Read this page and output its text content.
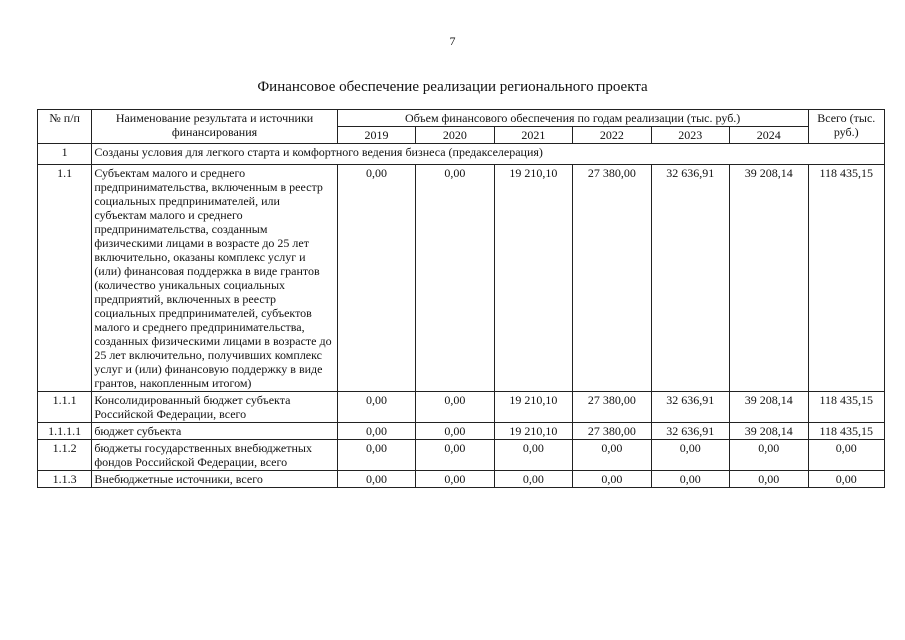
7
Финансовое обеспечение реализации регионального проекта
№ п/п	Наименование результата и источники финансирования	Объем финансового обеспечения по годам реализации (тыс. руб.)						Всего (тыс. руб.)
		2019	2020	2021	2022	2023	2024	
1	Созданы условия для легкого старта и комфортного ведения бизнеса (предакселерация)							
1.1	Субъектам малого и среднего предпринимательства, включенным в реестр социальных предпринимателей, или субъектам малого и среднего предпринимательства, созданным физическими лицами в возрасте до 25 лет включительно, оказаны комплекс услуг и (или) финансовая поддержка в виде грантов (количество уникальных социальных предприятий, включенных в реестр социальных предпринимателей, субъектов малого и среднего предпринимательства, созданных физическими лицами в возрасте до 25 лет включительно, получивших комплекс услуг и (или) финансовую поддержку в виде грантов, накопленным итогом)	0,00	0,00	19 210,10	27 380,00	32 636,91	39 208,14	118 435,15
1.1.1	Консолидированный бюджет субъекта Российской Федерации, всего	0,00	0,00	19 210,10	27 380,00	32 636,91	39 208,14	118 435,15
1.1.1.1	бюджет субъекта	0,00	0,00	19 210,10	27 380,00	32 636,91	39 208,14	118 435,15
1.1.2	бюджеты государственных внебюджетных фондов Российской Федерации, всего	0,00	0,00	0,00	0,00	0,00	0,00	0,00
1.1.3	Внебюджетные источники, всего	0,00	0,00	0,00	0,00	0,00	0,00	0,00
